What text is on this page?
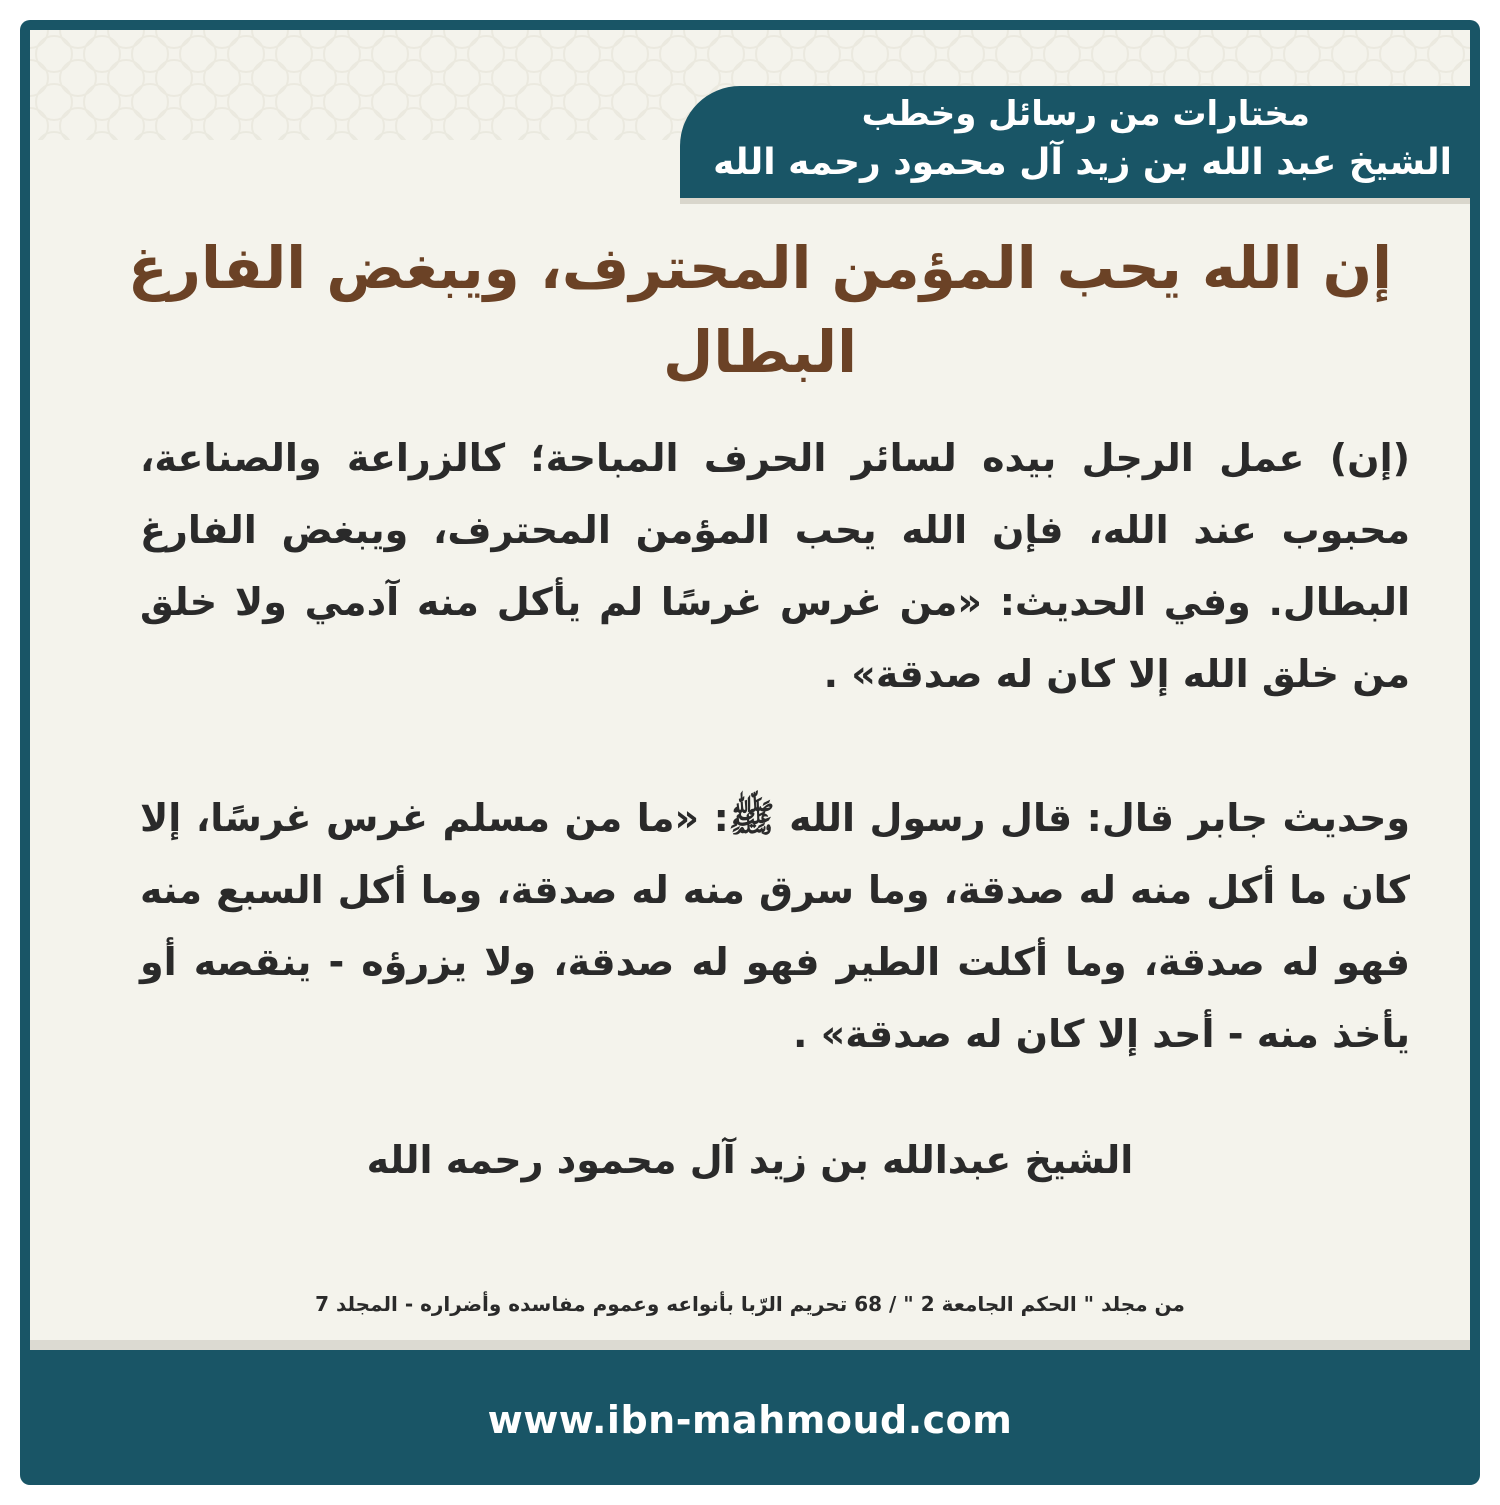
مختارات من رسائل وخطب
الشيخ عبد الله بن زيد آل محمود رحمه الله
إن الله يحب المؤمن المحترف، ويبغض الفارغ البطال
(إن) عمل الرجل بيده لسائر الحرف المباحة؛ كالزراعة والصناعة، محبوب عند الله، فإن الله يحب المؤمن المحترف، ويبغض الفارغ البطال. وفي الحديث: «من غرس غرسًا لم يأكل منه آدمي ولا خلق من خلق الله إلا كان له صدقة» .
وحديث جابر قال: قال رسول الله ﷺ: «ما من مسلم غرس غرسًا، إلا كان ما أكل منه له صدقة، وما سرق منه له صدقة، وما أكل السبع منه فهو له صدقة، وما أكلت الطير فهو له صدقة، ولا يزرؤه - ينقصه أو يأخذ منه - أحد إلا كان له صدقة» .
الشيخ عبدالله بن زيد آل محمود رحمه الله
من مجلد " الحكم الجامعة 2 " / 68 تحريم الرّبا بأنواعه وعموم مفاسده وأضراره - المجلد 7
www.ibn-mahmoud.com
